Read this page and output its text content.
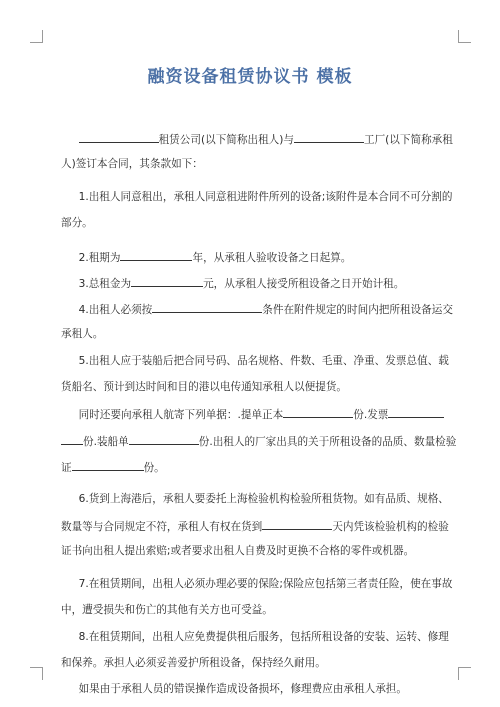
融资设备租赁协议书 模板
租赁公司(以下简称出租人)与	工厂(以下简称承租
人)签订本合同，其条款如下：
1.出租人同意租出，承租人同意租进附件所列的设备;该附件是本合同不可分割的
部分。
2.租期为	年，从承租人验收设备之日起算。
3.总租金为	元，从承租人接受所租设备之日开始计租。
4.出租人必须按	条件在附件规定的时间内把所租设备运交
承租人。
5.出租人应于装船后把合同号码、品名规格、件数、毛重、净重、发票总值、载
货船名、预计到达时间和目的港以电传通知承租人以便提货。
同时还要向承租人航寄下列单据：.提单正本	份.发票
份.装船单	份.出租人的厂家出具的关于所租设备的品质、数量检验
证	份。
6.货到上海港后，承租人要委托上海检验机构检验所租货物。如有品质、规格、
数量等与合同规定不符，承租人有权在货到	天内凭该检验机构的检验
证书向出租人提出索赔;或者要求出租人自费及时更换不合格的零件或机器。
7.在租赁期间，出租人必须办理必要的保险;保险应包括第三者责任险，使在事故
中，遭受损失和伤亡的其他有关方也可受益。
8.在租赁期间，出租人应免费提供租后服务，包括所租设备的安装、运转、修理
和保养。承担人必须妥善爱护所租设备，保持经久耐用。
如果由于承租人员的错误操作造成设备损坏，修理费应由承租人承担。
